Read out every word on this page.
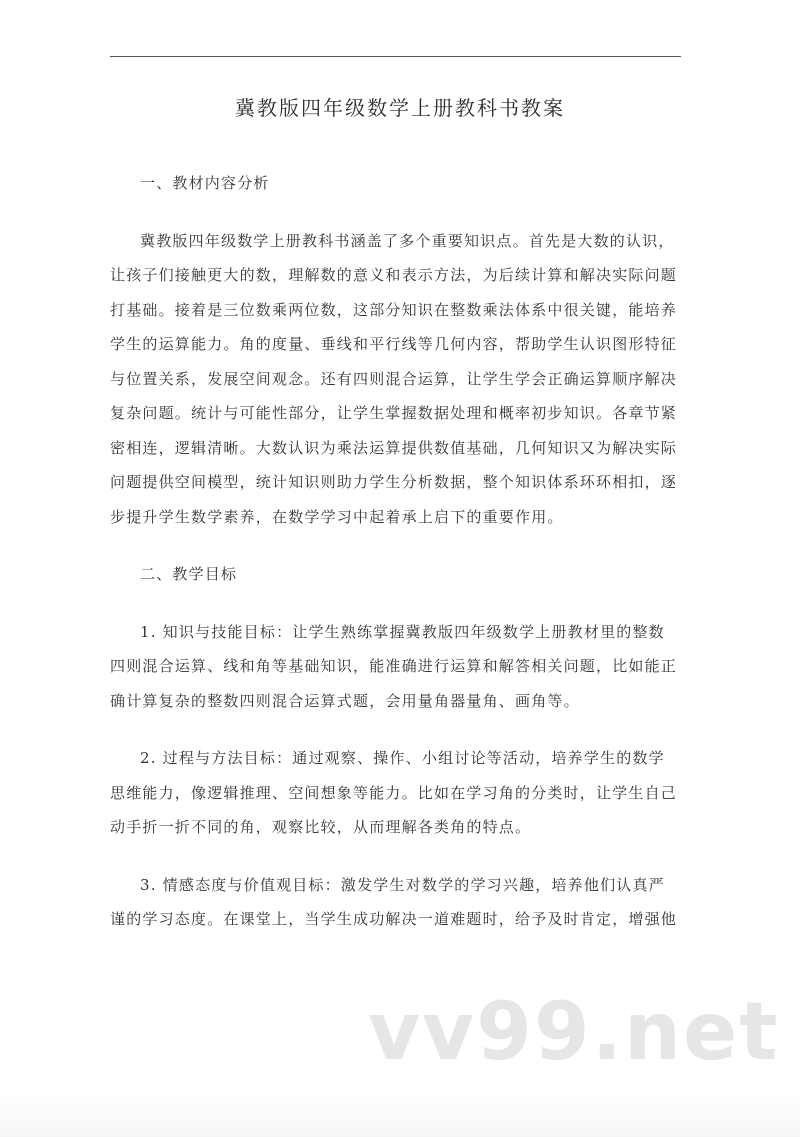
冀教版四年级数学上册教科书教案

一、教材内容分析

冀教版四年级数学上册教科书涵盖了多个重要知识点。首先是大数的认识，让孩子们接触更大的数，理解数的意义和表示方法，为后续计算和解决实际问题打基础。接着是三位数乘两位数，这部分知识在整数乘法体系中很关键，能培养学生的运算能力。角的度量、垂线和平行线等几何内容，帮助学生认识图形特征与位置关系，发展空间观念。还有四则混合运算，让学生学会正确运算顺序解决复杂问题。统计与可能性部分，让学生掌握数据处理和概率初步知识。各章节紧密相连，逻辑清晰。大数认识为乘法运算提供数值基础，几何知识又为解决实际问题提供空间模型，统计知识则助力学生分析数据，整个知识体系环环相扣，逐步提升学生数学素养，在数学学习中起着承上启下的重要作用。

二、教学目标

1. 知识与技能目标：让学生熟练掌握冀教版四年级数学上册教材里的整数四则混合运算、线和角等基础知识，能准确进行运算和解答相关问题，比如能正确计算复杂的整数四则混合运算式题，会用量角器量角、画角等。

2. 过程与方法目标：通过观察、操作、小组讨论等活动，培养学生的数学思维能力，像逻辑推理、空间想象等能力。比如在学习角的分类时，让学生自己动手折一折不同的角，观察比较，从而理解各类角的特点。

3. 情感态度与价值观目标：激发学生对数学的学习兴趣，培养他们认真严谨的学习态度。在课堂上，当学生成功解决一道难题时，给予及时肯定，增强他

vv99.net
